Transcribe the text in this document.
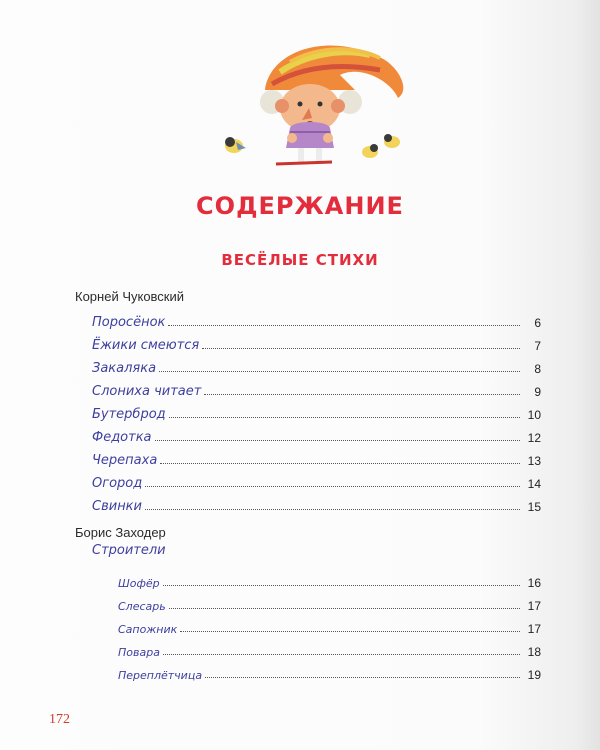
СОДЕРЖАНИЕ
ВЕСЁЛЫЕ СТИХИ
Корней Чуковский
Поросёнок	6
Ёжики смеются	7
Закаляка	8
Слониха читает	9
Бутерброд	10
Федотка	12
Черепаха	13
Огород	14
Свинки	15
Борис Заходер
Строители
Шофёр	16
Слесарь	17
Сапожник	17
Повара	18
Переплётчица	19
172
